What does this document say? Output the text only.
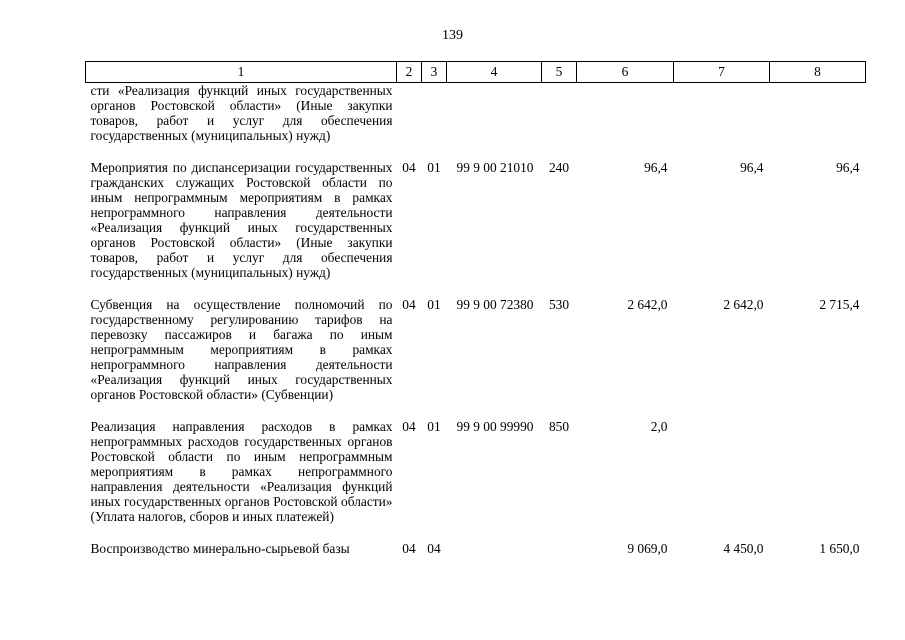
139
1	2	3	4	5	6	7	8
сти «Реализация функций иных государственных органов Ростовской области» (Иные закупки товаров, работ и услуг для обеспечения государственных (муниципальных) нужд)							
Мероприятия по диспансеризации государственных гражданских служащих Ростовской области по иным непрограммным мероприятиям в рамках непрограммного направления деятельности «Реализация функций иных государственных органов Ростовской области» (Иные закупки товаров, работ и услуг для обеспечения государственных (муниципальных) нужд)	04	01	99 9 00 21010	240	96,4	96,4	96,4
Субвенция на осуществление полномочий по государственному регулированию тарифов на перевозку пассажиров и багажа по иным непрограммным мероприятиям в рамках непрограммного направления деятельности «Реализация функций иных государственных органов Ростовской области» (Субвенции)	04	01	99 9 00 72380	530	2 642,0	2 642,0	2 715,4
Реализация направления расходов в рамках непрограммных расходов государственных органов Ростовской области по иным непрограммным мероприятиям в рамках непрограммного направления деятельности «Реализация функций иных государственных органов Ростовской области» (Уплата налогов, сборов и иных платежей)	04	01	99 9 00 99990	850	2,0		
Воспроизводство минерально-сырьевой базы	04	04			9 069,0	4 450,0	1 650,0
